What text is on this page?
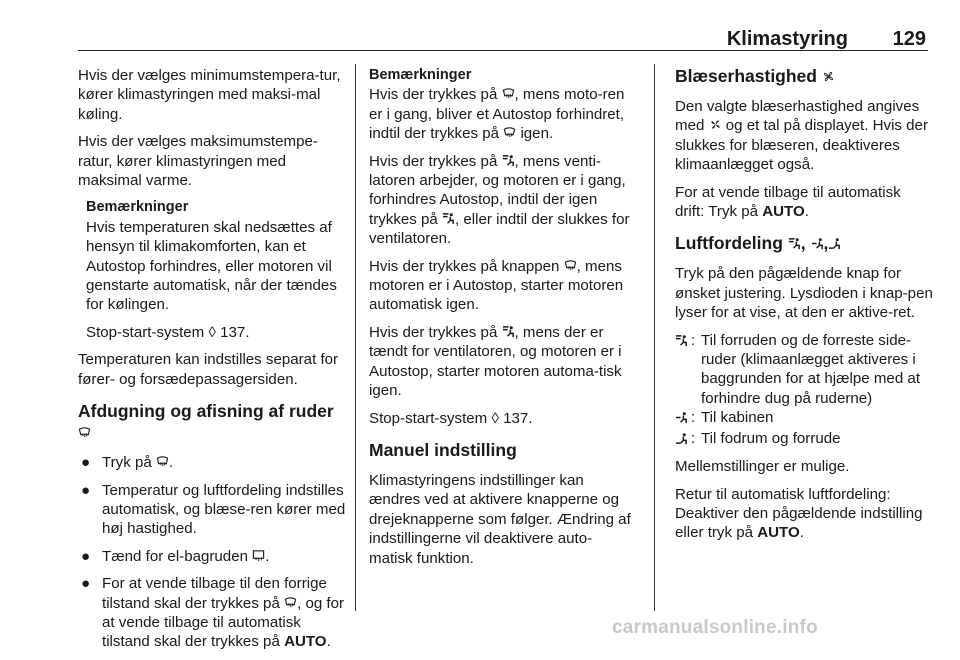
Klimastyring 129

Hvis der vælges minimumstempera-tur, kører klimastyringen med maksi-mal køling.

Hvis der vælges maksimumstempe-ratur, kører klimastyringen med maksimal varme.

Bemærkninger

Hvis temperaturen skal nedsættes af hensyn til klimakomforten, kan et Autostop forhindres, eller motoren vil genstarte automatisk, når der tændes for kølingen.

Stop-start-system ◊ 137.

Temperaturen kan indstilles separat for fører- og forsædepassagersiden.

Afdugning og afisning af ruder
● Tryk på .
● Temperatur og luftfordeling indstilles automatisk, og blæse-ren kører med høj hastighed.
● Tænd for el-bagruden .
● For at vende tilbage til den forrige tilstand skal der trykkes på , og for at vende tilbage til automatisk tilstand skal der trykkes på AUTO.
Bemærkninger

Hvis der trykkes på , mens moto-ren er i gang, bliver et Autostop forhindret, indtil der trykkes på igen.

Hvis der trykkes på , mens venti-latoren arbejder, og motoren er i gang, forhindres Autostop, indtil der igen trykkes på , eller indtil der slukkes for ventilatoren.

Hvis der trykkes på knappen , mens motoren er i Autostop, starter motoren automatisk igen.

Hvis der trykkes på , mens der er tændt for ventilatoren, og motoren er i Autostop, starter motoren automa-tisk igen.

Stop-start-system ◊ 137.

Manuel indstilling

Klimastyringens indstillinger kan ændres ved at aktivere knapperne og drejeknapperne som følger. Ændring af indstillingerne vil deaktivere auto-matisk funktion.

Blæserhastighed

Den valgte blæserhastighed angives med og et tal på displayet. Hvis der slukkes for blæseren, deaktiveres klimaanlægget også.

For at vende tilbage til automatisk drift: Tryk på AUTO.

Luftfordeling , ,

Tryk på den pågældende knap for ønsket justering. Lysdioden i knap-pen lyser for at vise, at den er aktive-ret.

: Til forruden og de forreste side-ruder (klimaanlægget aktiveres i baggrunden for at hjælpe med at forhindre dug på ruderne)
: Til kabinen
: Til fodrum og forrude

Mellemstillinger er mulige.

Retur til automatisk luftfordeling: Deaktiver den pågældende indstilling eller tryk på AUTO.

carmanualsonline.info
